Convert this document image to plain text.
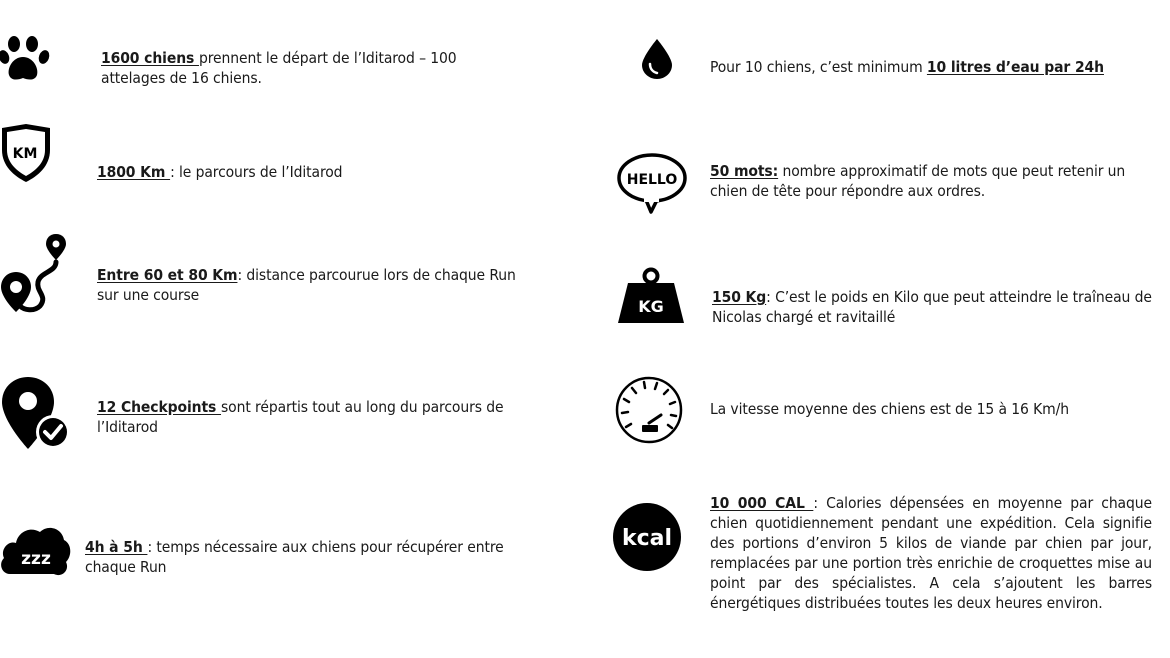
1600 chiens prennent le départ de l’Iditarod – 100 attelages de 16 chiens.
KM
1800 Km : le parcours de l’Iditarod
Entre 60 et 80 Km: distance parcourue lors de chaque Run sur une course
12 Checkpoints sont répartis tout au long du parcours de l’Iditarod
zzz
4h à 5h : temps nécessaire aux chiens pour récupérer entre chaque Run
Pour 10 chiens, c’est minimum 10 litres d’eau par 24h
HELLO 50 mots: nombre approximatif de mots que peut retenir un chien de tête pour répondre aux ordres.
KG	150 Kg: C’est le poids en Kilo que peut atteindre le traîneau de Nicolas chargé et ravitaillé
La vitesse moyenne des chiens est de 15 à 16 Km/h
kcal
10 000 CAL : Calories dépensées en moyenne par chaque chien quotidiennement pendant une expédition. Cela signifie des portions d’environ 5 kilos de viande par chien par jour, remplacées par une portion très enrichie de croquettes mise au point par des spécialistes. A cela s’ajoutent les barres énergétiques distribuées toutes les deux heures environ.
